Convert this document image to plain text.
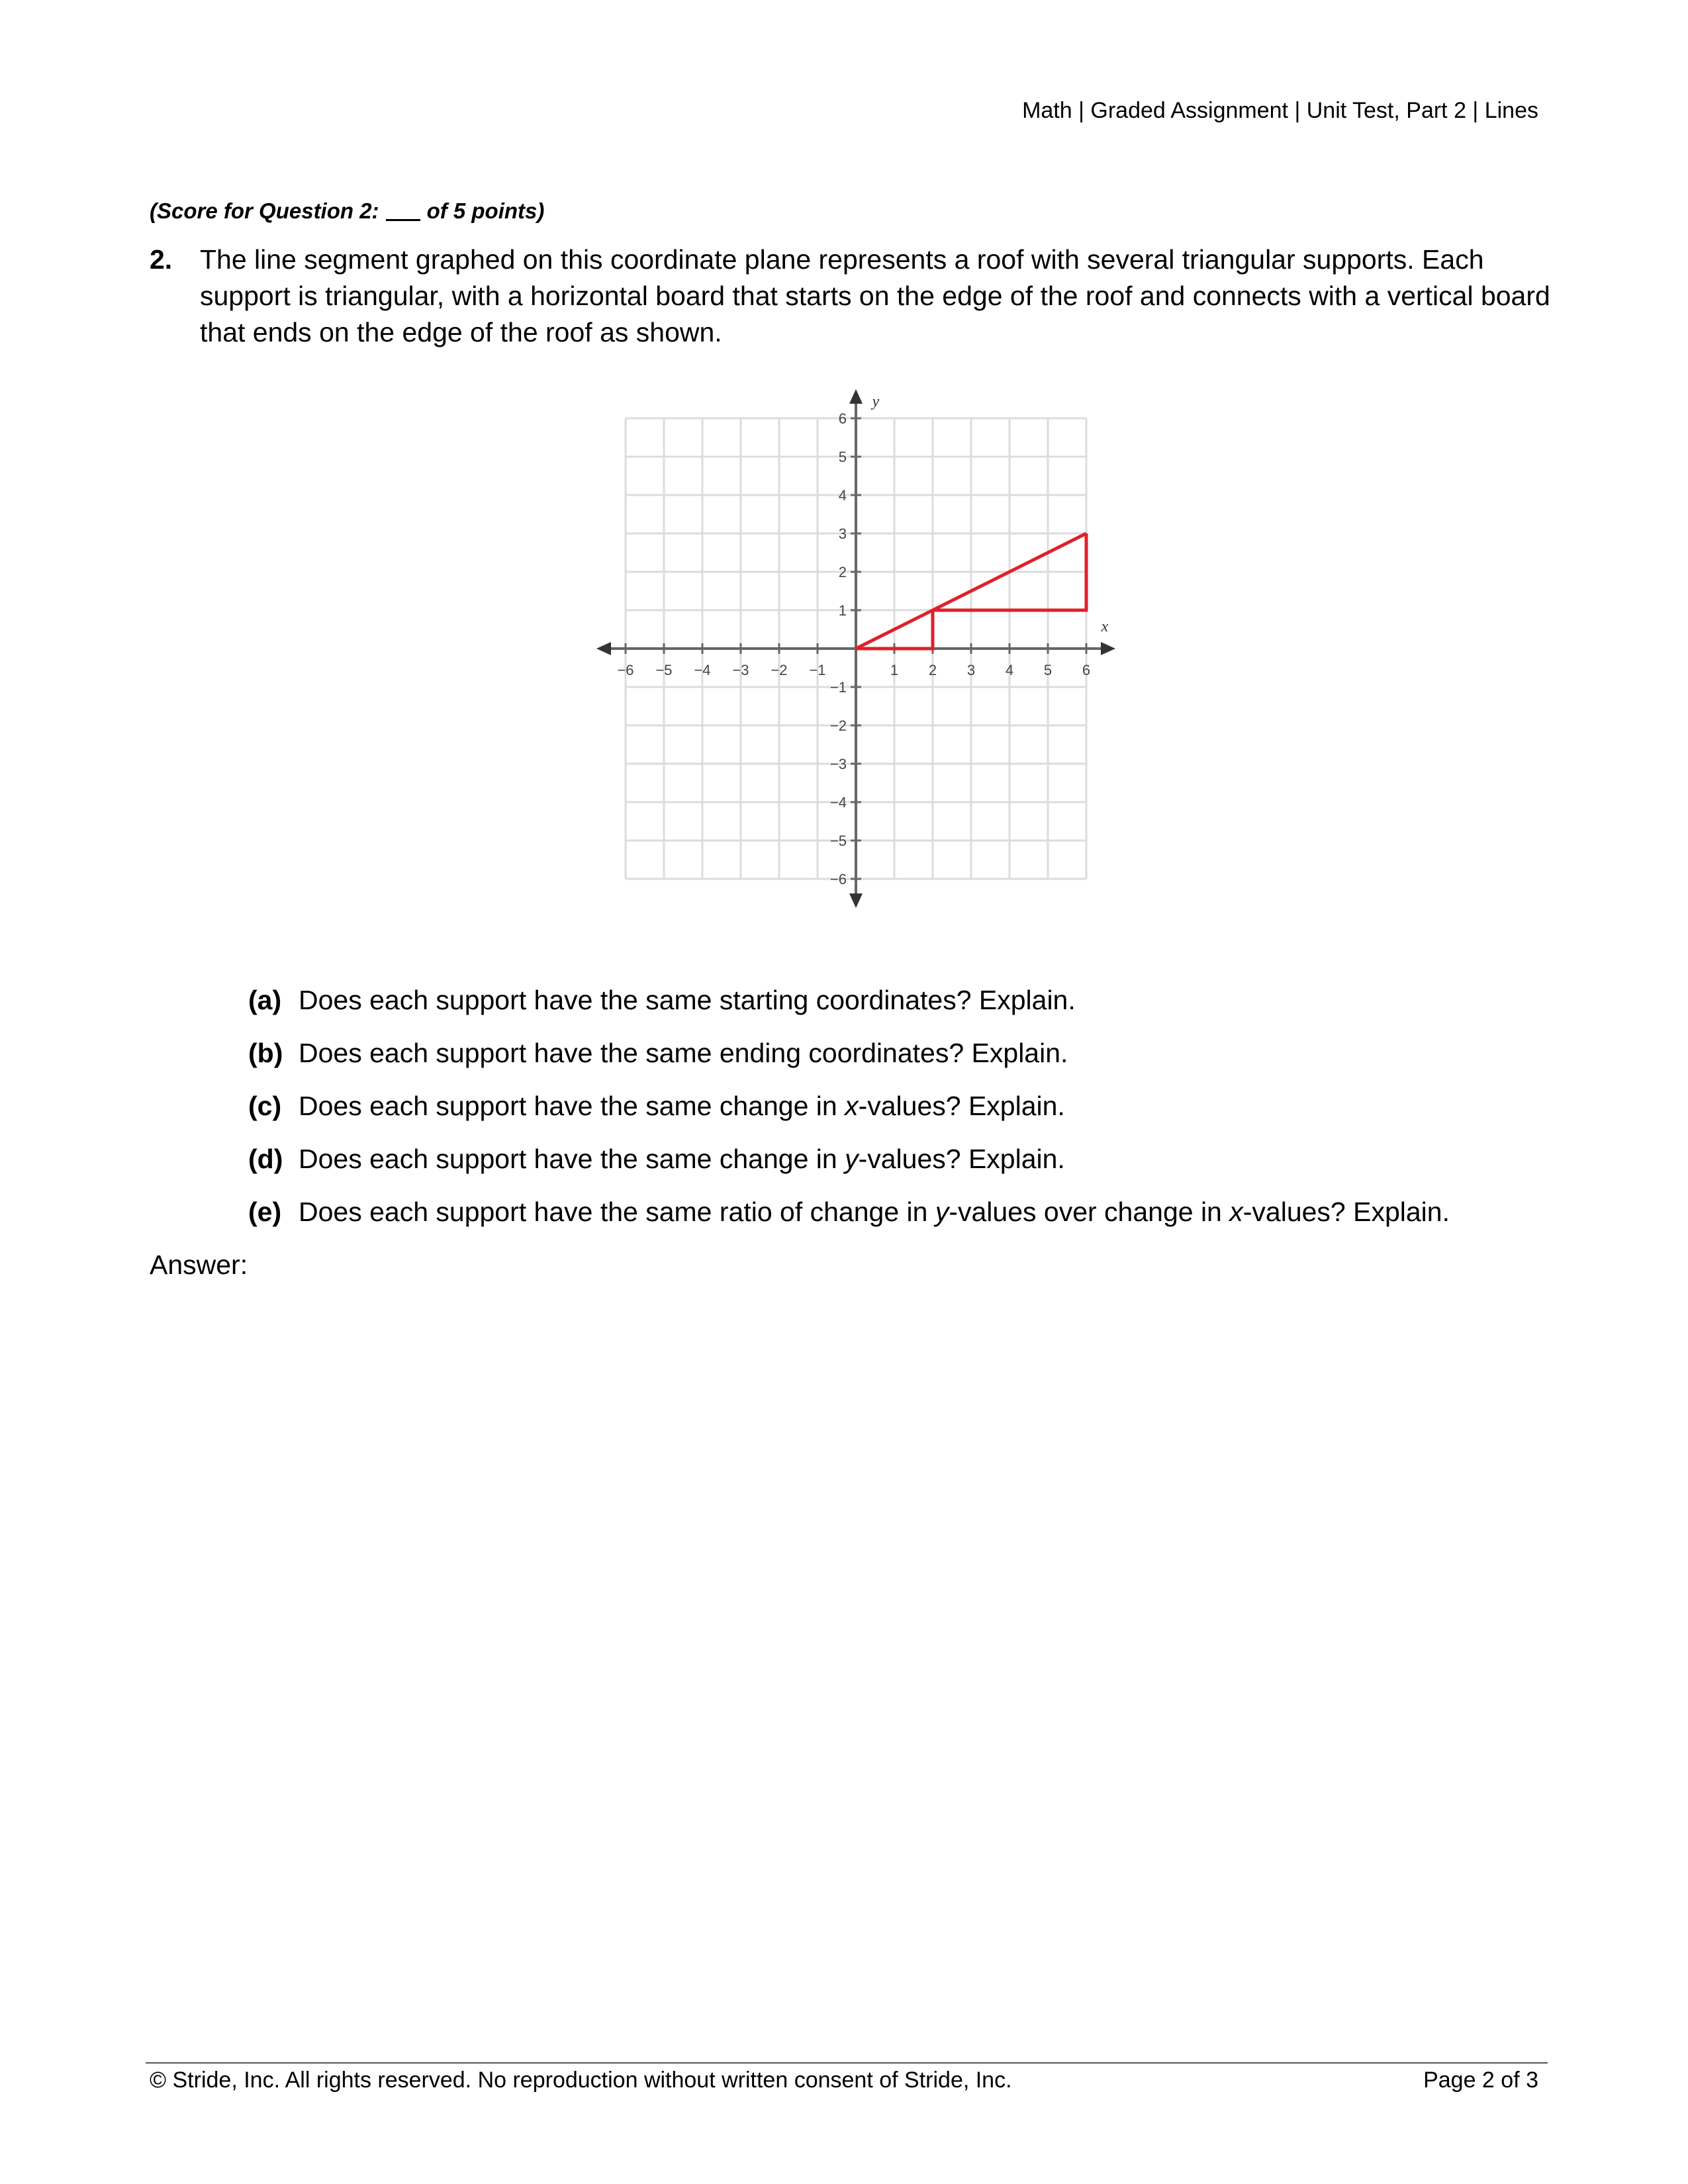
Math | Graded Assignment | Unit Test, Part 2 | Lines
(Score for Question 2: of 5 points)
2. The line segment graphed on this coordinate plane represents a roof with several triangular supports. Each support is triangular, with a horizontal board that starts on the edge of the roof and connects with a vertical board that ends on the edge of the roof as shown.
−6 −5 −4 −3 −2 −1	1 2 3 4 5 6
6
5
4
3
2
1
−1
−2
−3
−4
−5
−6
x
y
(a) Does each support have the same starting coordinates? Explain.
(b) Does each support have the same ending coordinates? Explain.
(c) Does each support have the same change in x-values? Explain.
(d) Does each support have the same change in y-values? Explain.
(e) Does each support have the same ratio of change in y-values over change in x-values? Explain.
Answer:
© Stride, Inc. All rights reserved. No reproduction without written consent of Stride, Inc.	Page 2 of 3
